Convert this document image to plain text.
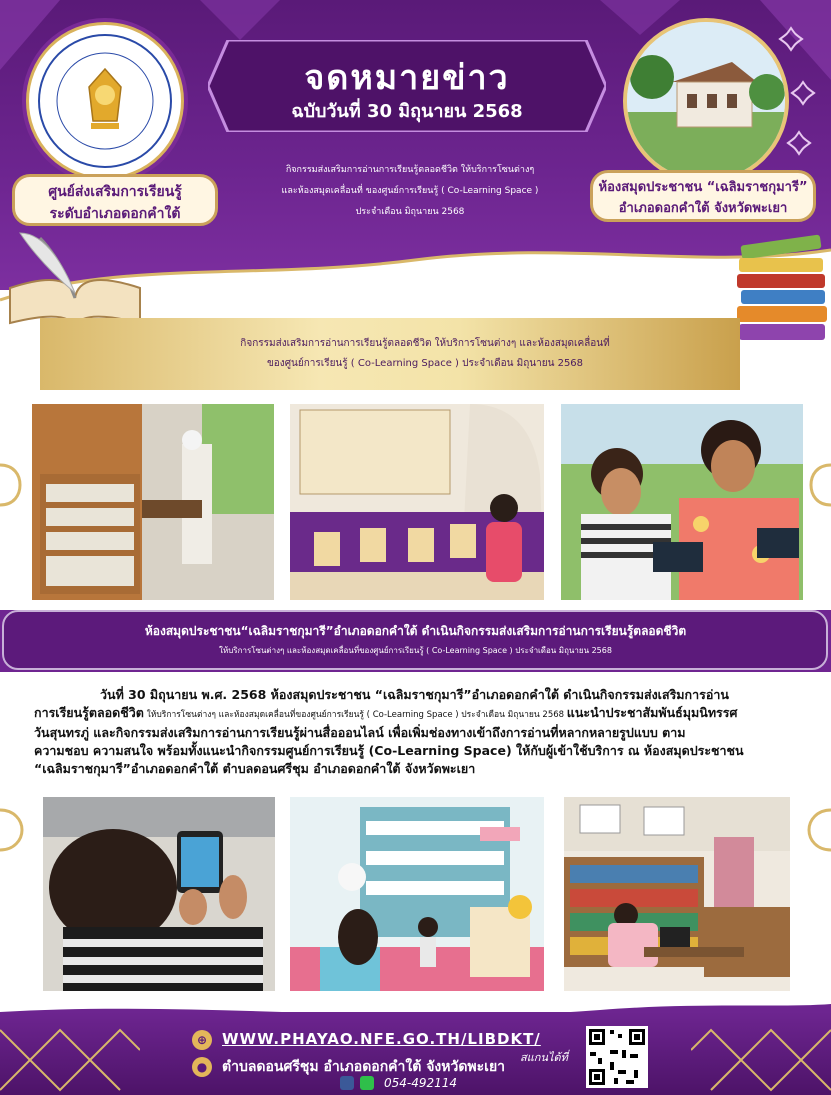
จดหมายข่าว
ฉบับวันที่ 30 มิถุนายน 2568
กิจกรรมส่งเสริมการอ่านการเรียนรู้ตลอดชีวิต ให้บริการโซนต่างๆ
และห้องสมุดเคลื่อนที่ ของศูนย์การเรียนรู้ ( Co-Learning Space )
ประจำเดือน มิถุนายน 2568
ศูนย์ส่งเสริมการเรียนรู้
ระดับอำเภอดอกคำใต้
ห้องสมุดประชาชน “เฉลิมราชกุมารี”
อำเภอดอกคำใต้ จังหวัดพะเยา
กิจกรรมส่งเสริมการอ่านการเรียนรู้ตลอดชีวิต ให้บริการโซนต่างๆ และห้องสมุดเคลื่อนที่
ของศูนย์การเรียนรู้ ( Co-Learning Space ) ประจำเดือน มิถุนายน 2568
ห้องสมุดประชาชน“เฉลิมราชกุมารี”อำเภอดอกคำใต้ ดำเนินกิจกรรมส่งเสริมการอ่านการเรียนรู้ตลอดชีวิต
ให้บริการโซนต่างๆ และห้องสมุดเคลื่อนที่ของศูนย์การเรียนรู้ ( Co-Learning Space ) ประจำเดือน มิถุนายน 2568
วันที่ 30 มิถุนายน พ.ศ. 2568 ห้องสมุดประชาชน “เฉลิมราชกุมารี”อำเภอดอกคำใต้ ดำเนินกิจกรรมส่งเสริมการอ่าน
การเรียนรู้ตลอดชีวิต ให้บริการโซนต่างๆ และห้องสมุดเคลื่อนที่ของศูนย์การเรียนรู้ ( Co-Learning Space ) ประจำเดือน มิถุนายน 2568 แนะนำประชาสัมพันธ์มุมนิทรรศ
วันสุนทรภู่ และกิจกรรมส่งเสริมการอ่านการเรียนรู้ผ่านสื่อออนไลน์ เพื่อเพิ่มช่องทางเข้าถึงการอ่านที่หลากหลายรูปแบบ ตาม
ความชอบ ความสนใจ พร้อมทั้งแนะนำกิจกรรมศูนย์การเรียนรู้ (Co-Learning Space) ให้กับผู้เข้าใช้บริการ ณ ห้องสมุดประชาชน
“เฉลิมราชกุมารี”อำเภอดอกคำใต้ ตำบลดอนศรีชุม อำเภอดอกคำใต้ จังหวัดพะเยา
⊕ WWW.PHAYAO.NFE.GO.TH/LIBDKT/
●	ตำบลดอนศรีชุม อำเภอดอกคำใต้ จังหวัดพะเยา
054-492114
สแกนได้ที่
